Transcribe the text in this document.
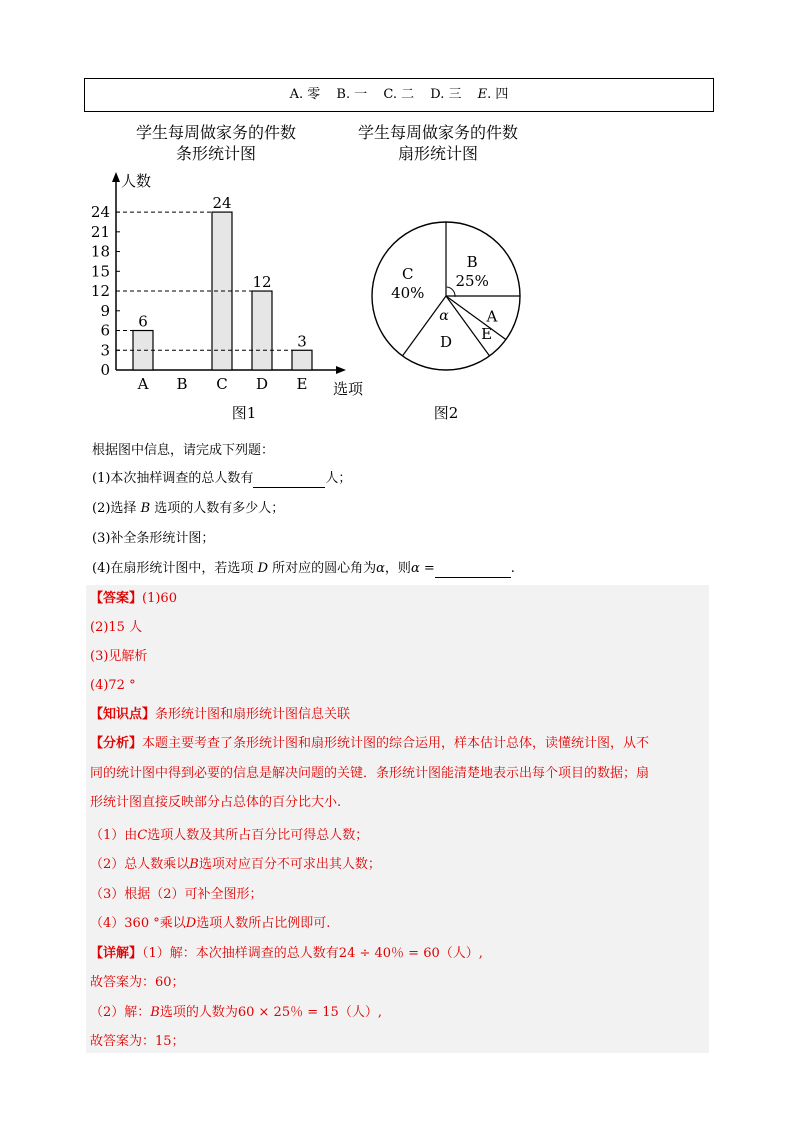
A. 零 B. 一 C. 二 D. 三 E. 四
学生每周做家务的件数
条形统计图
学生每周做家务的件数
扇形统计图
人数
选项
0
3
6
9
12
15
18
21
24
A
6
B C
24
D
12
E
3
B
25%
A
E
D
C
40%
α
图1	图2
根据图中信息，请完成下列题：
(1)本次抽样调查的总人数有	人；
(2)选择 B 选项的人数有多少人；
(3)补全条形统计图；
(4)在扇形统计图中，若选项 D 所对应的圆心角为α，则α =	.
【答案】(1)60
(2)15 人
(3)见解析
(4)72 °
【知识点】条形统计图和扇形统计图信息关联
【分析】本题主要考查了条形统计图和扇形统计图的综合运用，样本估计总体，读懂统计图，从不
同的统计图中得到必要的信息是解决问题的关键．条形统计图能清楚地表示出每个项目的数据；扇
形统计图直接反映部分占总体的百分比大小.
（1）由C选项人数及其所占百分比可得总人数；
（2）总人数乘以B选项对应百分不可求出其人数；
（3）根据（2）可补全图形；
（4）360 °乘以D选项人数所占比例即可.
【详解】（1）解：本次抽样调查的总人数有24 ÷ 40％ = 60（人）,
故答案为：60；
（2）解：B选项的人数为60 × 25％ = 15（人）,
故答案为：15；
